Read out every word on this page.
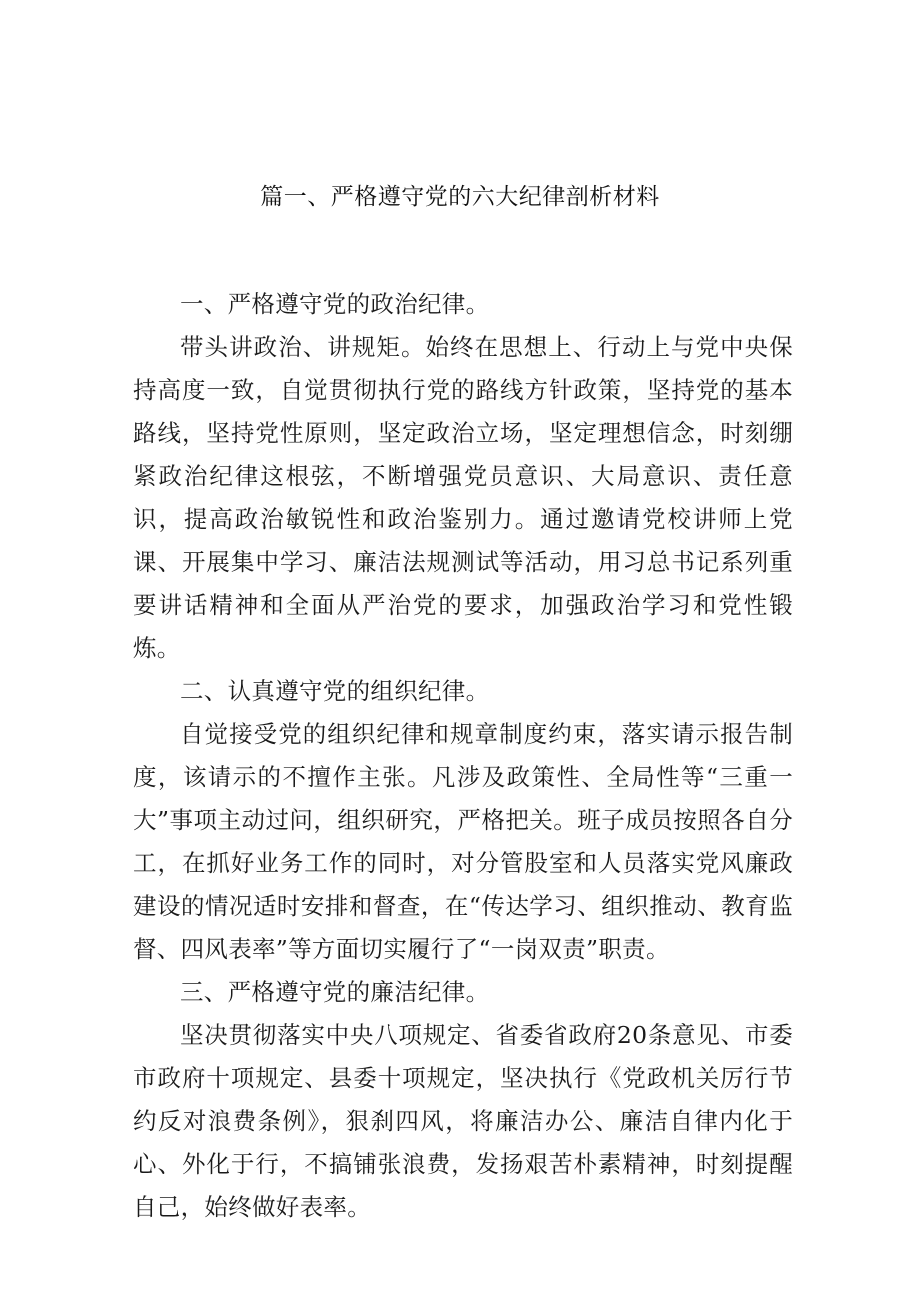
篇一、严格遵守党的六大纪律剖析材料

一、严格遵守党的政治纪律。

带头讲政治、讲规矩。始终在思想上、行动上与党中央保持高度一致，自觉贯彻执行党的路线方针政策，坚持党的基本路线，坚持党性原则，坚定政治立场，坚定理想信念，时刻绷紧政治纪律这根弦，不断增强党员意识、大局意识、责任意识，提高政治敏锐性和政治鉴别力。通过邀请党校讲师上党课、开展集中学习、廉洁法规测试等活动，用习总书记系列重要讲话精神和全面从严治党的要求，加强政治学习和党性锻炼。

二、认真遵守党的组织纪律。

自觉接受党的组织纪律和规章制度约束，落实请示报告制度，该请示的不擅作主张。凡涉及政策性、全局性等“三重一大”事项主动过问，组织研究，严格把关。班子成员按照各自分工，在抓好业务工作的同时，对分管股室和人员落实党风廉政建设的情况适时安排和督查，在“传达学习、组织推动、教育监督、四风表率”等方面切实履行了“一岗双责”职责。

三、严格遵守党的廉洁纪律。

坚决贯彻落实中央八项规定、省委省政府20条意见、市委市政府十项规定、县委十项规定，坚决执行《党政机关厉行节约反对浪费条例》，狠刹四风，将廉洁办公、廉洁自律内化于心、外化于行，不搞铺张浪费，发扬艰苦朴素精神，时刻提醒自己，始终做好表率。
